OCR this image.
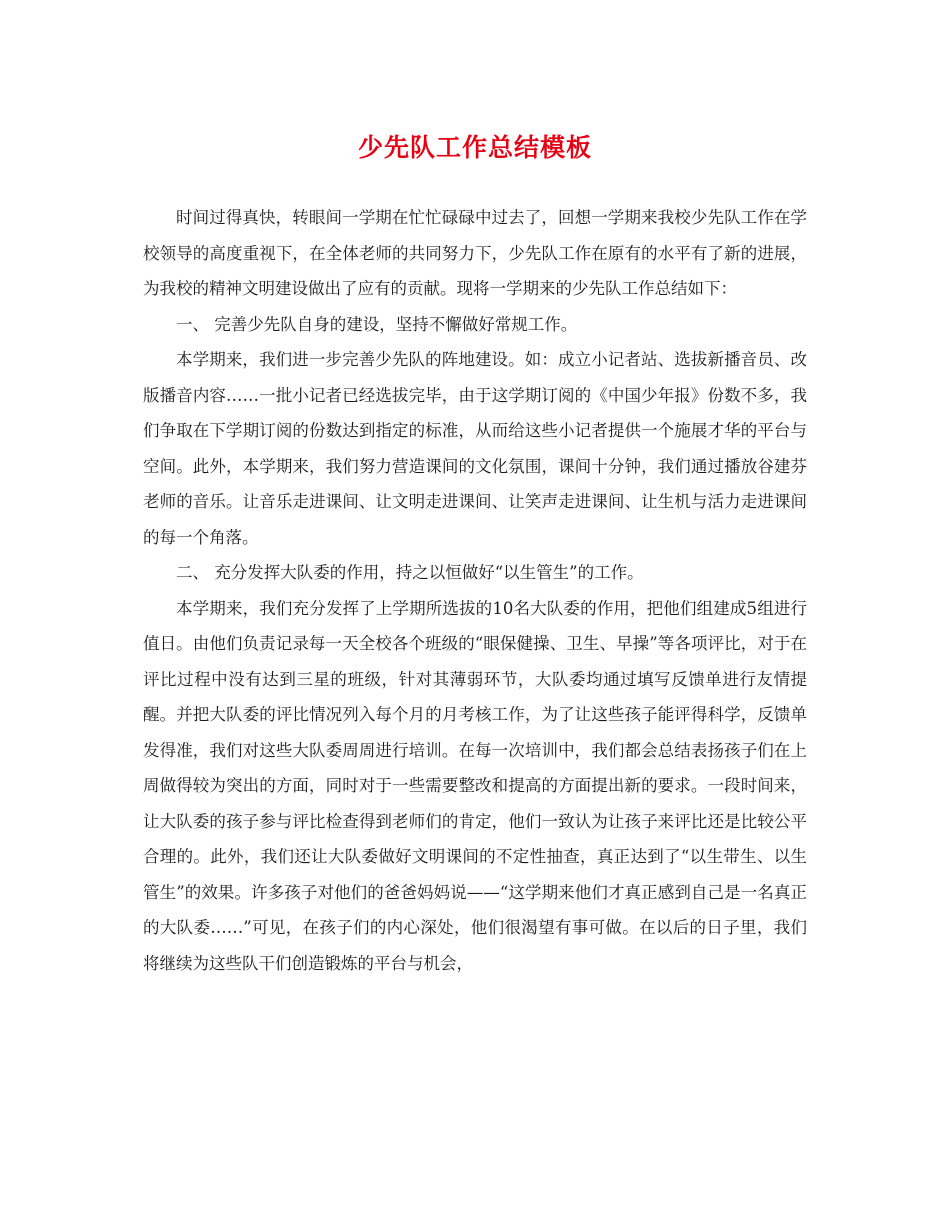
少先队工作总结模板

时间过得真快，转眼间一学期在忙忙碌碌中过去了，回想一学期来我校少先队工作在学校领导的高度重视下，在全体老师的共同努力下，少先队工作在原有的水平有了新的进展，为我校的精神文明建设做出了应有的贡献。现将一学期来的少先队工作总结如下：

一、 完善少先队自身的建设，坚持不懈做好常规工作。

本学期来，我们进一步完善少先队的阵地建设。如：成立小记者站、选拔新播音员、改版播音内容……一批小记者已经选拔完毕，由于这学期订阅的《中国少年报》份数不多，我们争取在下学期订阅的份数达到指定的标准，从而给这些小记者提供一个施展才华的平台与空间。此外，本学期来，我们努力营造课间的文化氛围，课间十分钟，我们通过播放谷建芬老师的音乐。让音乐走进课间、让文明走进课间、让笑声走进课间、让生机与活力走进课间的每一个角落。

二、 充分发挥大队委的作用，持之以恒做好“以生管生”的工作。

本学期来，我们充分发挥了上学期所选拔的10名大队委的作用，把他们组建成5组进行值日。由他们负责记录每一天全校各个班级的“眼保健操、卫生、早操”等各项评比，对于在评比过程中没有达到三星的班级，针对其薄弱环节，大队委均通过填写反馈单进行友情提醒。并把大队委的评比情况列入每个月的月考核工作，为了让这些孩子能评得科学，反馈单发得准，我们对这些大队委周周进行培训。在每一次培训中，我们都会总结表扬孩子们在上周做得较为突出的方面，同时对于一些需要整改和提高的方面提出新的要求。一段时间来，让大队委的孩子参与评比检查得到老师们的肯定，他们一致认为让孩子来评比还是比较公平合理的。此外，我们还让大队委做好文明课间的不定性抽查，真正达到了“以生带生、以生管生”的效果。许多孩子对他们的爸爸妈妈说——“这学期来他们才真正感到自己是一名真正的大队委……”可见，在孩子们的内心深处，他们很渴望有事可做。在以后的日子里，我们将继续为这些队干们创造锻炼的平台与机会，
